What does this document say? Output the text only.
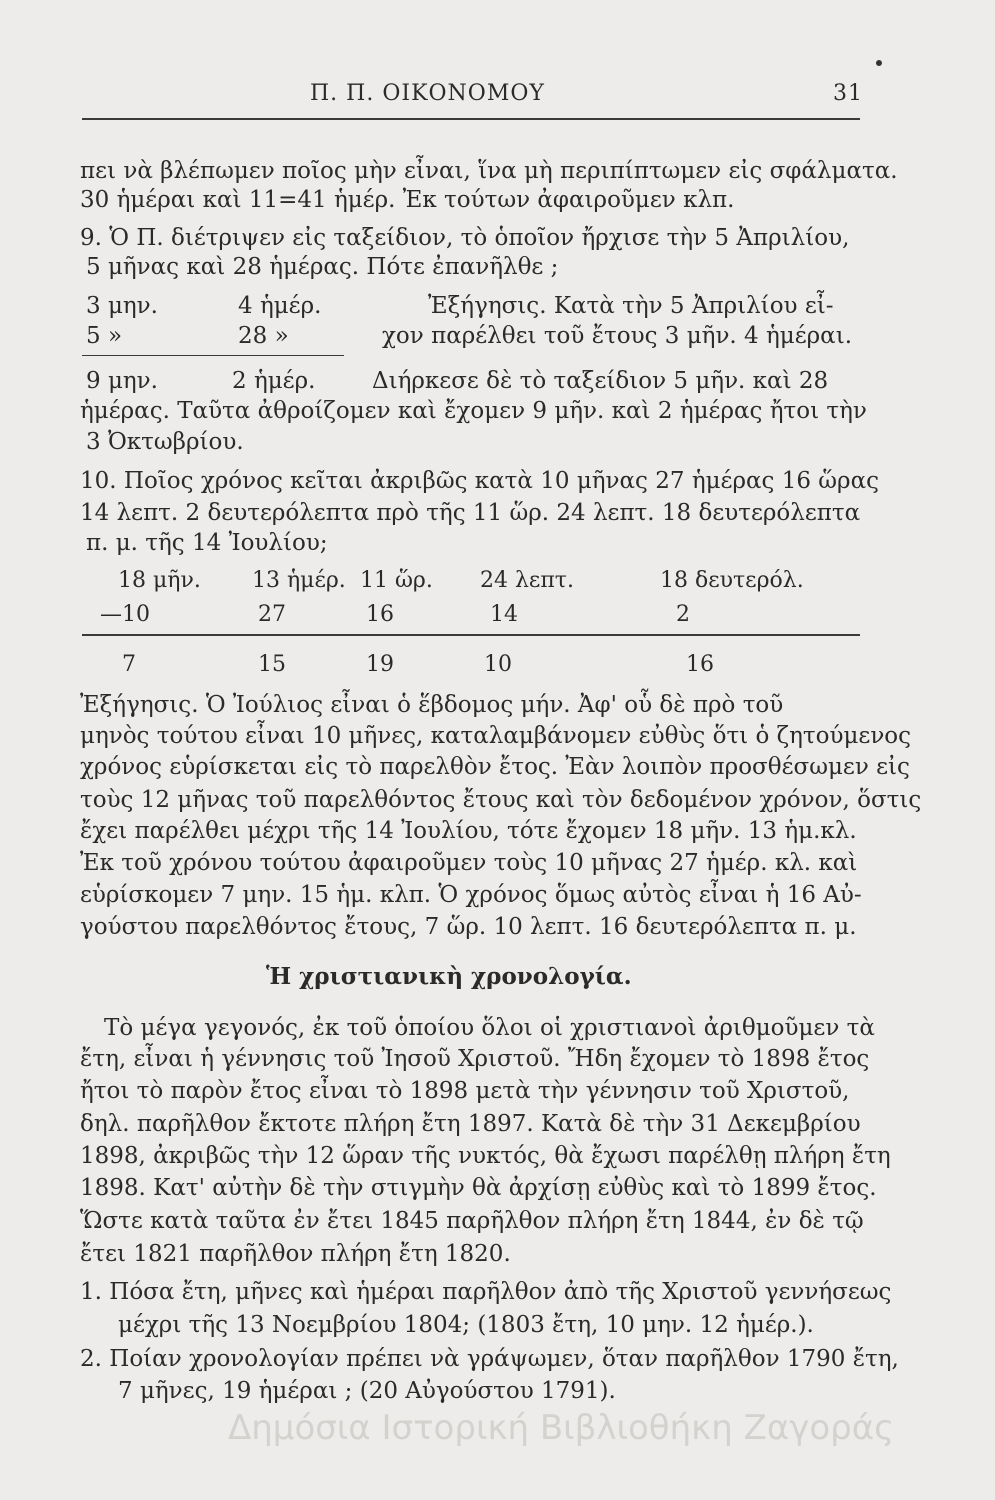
Π. Π. ΟΙΚΟΝΟΜΟΥ	31
πει νὰ βλέπωμεν ποῖος μὴν εἶναι, ἵνα μὴ περιπίπτωμεν εἰς σφάλματα.
30 ἡμέραι καὶ 11=41 ἡμέρ. Ἐκ τούτων ἀφαιροῦμεν κλπ.
9. Ὁ Π. διέτριψεν εἰς ταξείδιον, τὸ ὁποῖον ἤρχισε τὴν 5 Ἀπριλίου,
5 μῆνας καὶ 28 ἡμέρας. Πότε ἐπανῆλθε ;
3 μην.	4 ἡμέρ.	Ἐξήγησις. Κατὰ τὴν 5 Ἀπριλίου εἶ-
5 »	28 »	χον παρέλθει τοῦ ἔτους 3 μῆν. 4 ἡμέραι.
9 μην.	2 ἡμέρ. Διήρκεσε δὲ τὸ ταξείδιον 5 μῆν. καὶ 28
ἡμέρας. Ταῦτα ἀθροίζομεν καὶ ἔχομεν 9 μῆν. καὶ 2 ἡμέρας ἤτοι τὴν
3 Ὀκτωβρίου.
10. Ποῖος χρόνος κεῖται ἀκριβῶς κατὰ 10 μῆνας 27 ἡμέρας 16 ὥρας
14 λεπτ. 2 δευτερόλεπτα πρὸ τῆς 11 ὥρ. 24 λεπτ. 18 δευτερόλεπτα
π. μ. τῆς 14 Ἰουλίου;
18 μῆν. 13 ἡμέρ. 11 ὥρ. 24 λεπτ.	18 δευτερόλ.
—10	27	16	14	2
7	15	19	10	16
Ἐξήγησις. Ὁ Ἰούλιος εἶναι ὁ ἕβδομος μήν. Ἀφ' οὗ δὲ πρὸ τοῦ
μηνὸς τούτου εἶναι 10 μῆνες, καταλαμβάνομεν εὐθὺς ὅτι ὁ ζητούμενος
χρόνος εὑρίσκεται εἰς τὸ παρελθὸν ἔτος. Ἐὰν λοιπὸν προσθέσωμεν εἰς
τοὺς 12 μῆνας τοῦ παρελθόντος ἔτους καὶ τὸν δεδομένον χρόνον, ὅστις
ἔχει παρέλθει μέχρι τῆς 14 Ἰουλίου, τότε ἔχομεν 18 μῆν. 13 ἡμ.κλ.
Ἐκ τοῦ χρόνου τούτου ἀφαιροῦμεν τοὺς 10 μῆνας 27 ἡμέρ. κλ. καὶ
εὑρίσκομεν 7 μην. 15 ἡμ. κλπ. Ὁ χρόνος ὅμως αὐτὸς εἶναι ἡ 16 Αὐ-
γούστου παρελθόντος ἔτους, 7 ὥρ. 10 λεπτ. 16 δευτερόλεπτα π. μ.
Ἡ χριστιανικὴ χρονολογία.
Τὸ μέγα γεγονός, ἐκ τοῦ ὁποίου ὅλοι οἱ χριστιανοὶ ἀριθμοῦμεν τὰ
ἔτη, εἶναι ἡ γέννησις τοῦ Ἰησοῦ Χριστοῦ. Ἤδη ἔχομεν τὸ 1898 ἔτος
ἤτοι τὸ παρὸν ἔτος εἶναι τὸ 1898 μετὰ τὴν γέννησιν τοῦ Χριστοῦ,
δηλ. παρῆλθον ἔκτοτε πλήρη ἔτη 1897. Κατὰ δὲ τὴν 31 Δεκεμβρίου
1898, ἀκριβῶς τὴν 12 ὥραν τῆς νυκτός, θὰ ἔχωσι παρέλθῃ πλήρη ἔτη
1898. Κατ' αὐτὴν δὲ τὴν στιγμὴν θὰ ἀρχίσῃ εὐθὺς καὶ τὸ 1899 ἔτος.
Ὥστε κατὰ ταῦτα ἐν ἔτει 1845 παρῆλθον πλήρη ἔτη 1844, ἐν δὲ τῷ
ἔτει 1821 παρῆλθον πλήρη ἔτη 1820.
1. Πόσα ἔτη, μῆνες καὶ ἡμέραι παρῆλθον ἀπὸ τῆς Χριστοῦ γεννήσεως
μέχρι τῆς 13 Νοεμβρίου 1804; (1803 ἔτη, 10 μην. 12 ἡμέρ.).
2. Ποίαν χρονολογίαν πρέπει νὰ γράψωμεν, ὅταν παρῆλθον 1790 ἔτη,
7 μῆνες, 19 ἡμέραι ; (20 Αὐγούστου 1791).
Δημόσια Ιστορική Βιβλιοθήκη Ζαγοράς
